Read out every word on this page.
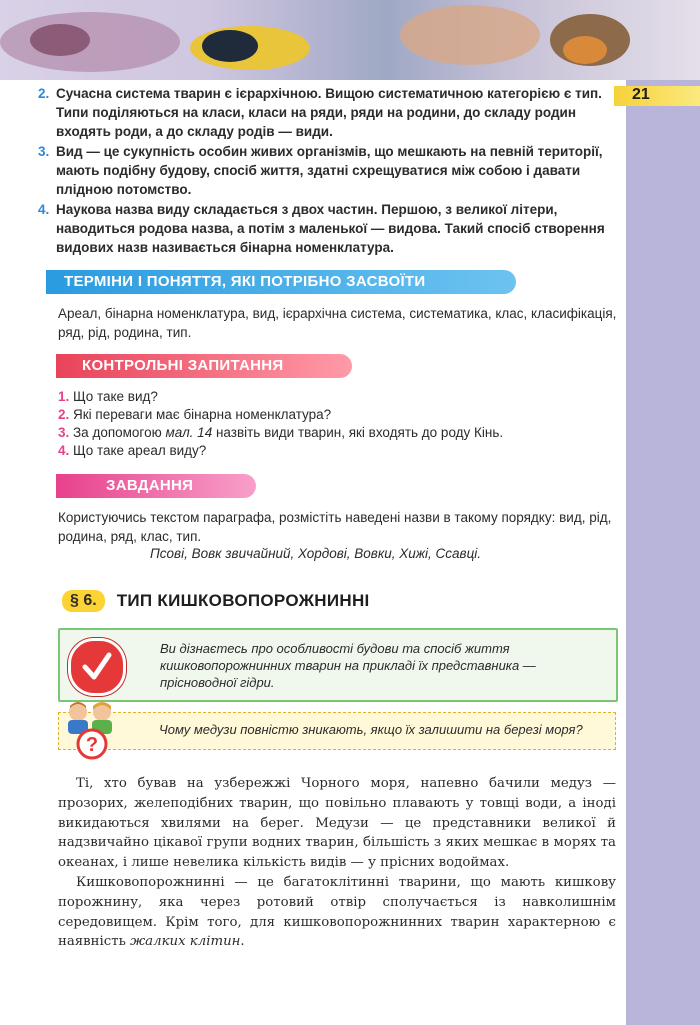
21
2. Сучасна система тварин є ієрархічною. Вищою систематичною категорією є тип. Типи поділяються на класи, класи на ряди, ряди на родини, до складу родин входять роди, а до складу родів — види.
3. Вид — це сукупність особин живих організмів, що мешкають на певній території, мають подібну будову, спосіб життя, здатні схрещуватися між собою і давати плідною потомство.
4. Наукова назва виду складається з двох частин. Першою, з великої літери, наводиться родова назва, а потім з маленької — видова. Такий спосіб створення видових назв називається бінарна номенклатура.
ТЕРМІНИ І ПОНЯТТЯ, ЯКІ ПОТРІБНО ЗАСВОЇТИ
Ареал, бінарна номенклатура, вид, ієрархічна система, систематика, клас, класифікація, ряд, рід, родина, тип.
КОНТРОЛЬНІ ЗАПИТАННЯ
1. Що таке вид?
2. Які переваги має бінарна номенклатура?
3. За допомогою мал. 14 назвіть види тварин, які входять до роду Кінь.
4. Що таке ареал виду?
ЗАВДАННЯ
Користуючись текстом параграфа, розмістіть наведені назви в такому порядку: вид, рід, родина, ряд, клас, тип.
Псові, Вовк звичайний, Хордові, Вовки, Хижі, Ссавці.
§ 6.	ТИП КИШКОВОПОРОЖНИННІ
Ви дізнаєтесь про особливості будови та спосіб життя кишковопорожнинних тварин на прикладі їх представника — прісноводної гідри.
Чому медузи повністю зникають, якщо їх залишити на березі моря?
?

Ті, хто бував на узбережжі Чорного моря, напевно бачили медуз — прозорих, желеподібних тварин, що повільно плавають у товщі води, а іноді викидаються хвилями на берег. Медузи — це представники великої й надзвичайно цікавої групи водних тварин, більшість з яких мешкає в морях та океанах, і лише невелика кількість видів — у прісних водоймах.

Кишковопорожнинні — це багатоклітинні тварини, що мають кишкову порожнину, яка через ротовий отвір сполучається із навколишнім середовищем. Крім того, для кишковопорожнинних тварин характерною є наявність жалких клітин.
